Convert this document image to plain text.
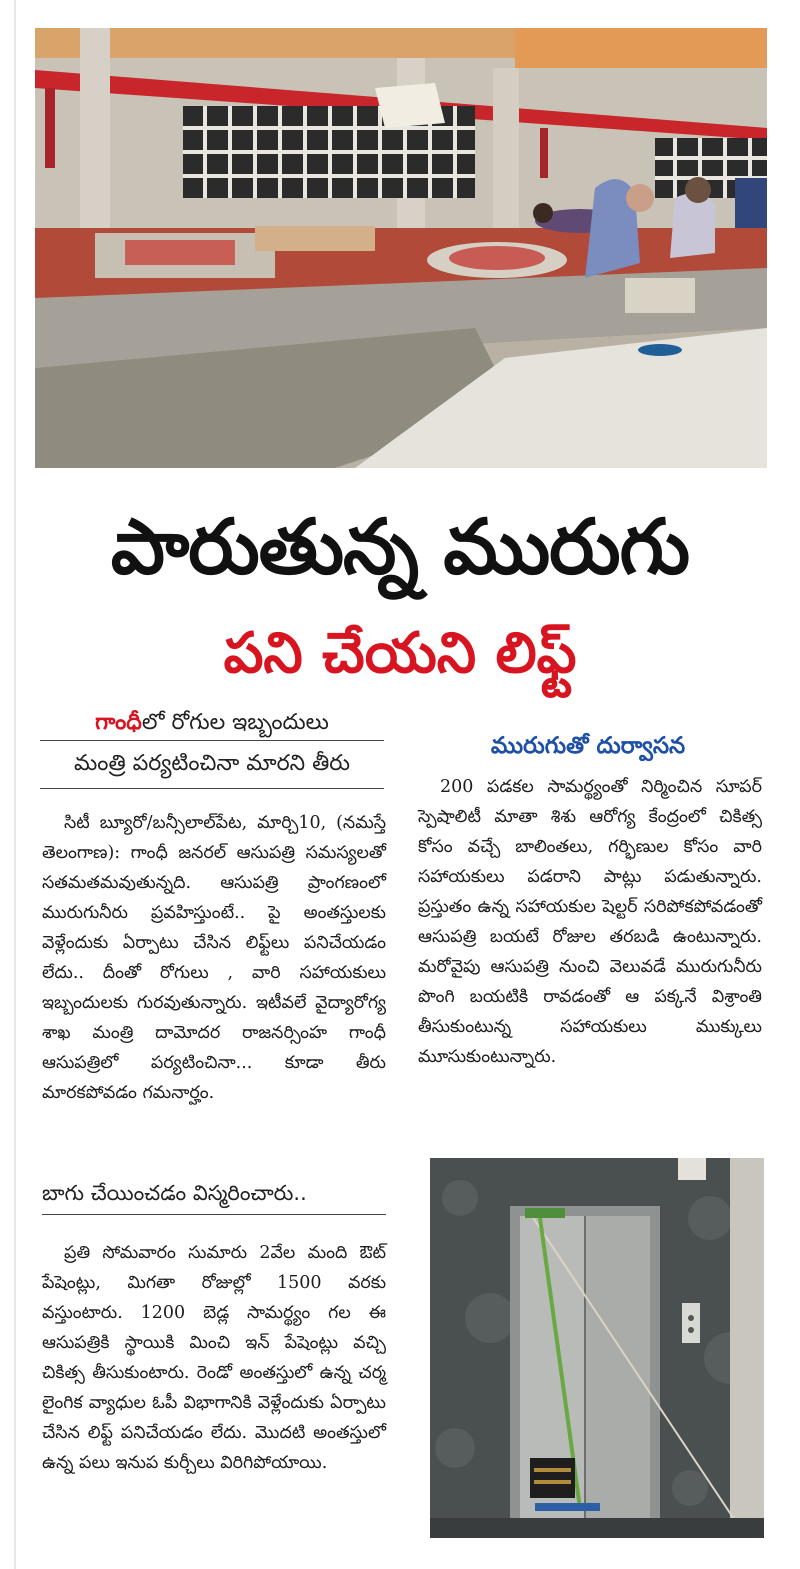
పారుతున్న మురుగు
పని చేయని లిఫ్ట్
గాంధీలో రోగుల ఇబ్బందులు
మంత్రి పర్యటించినా మారని తీరు

సిటీ బ్యూరో/బన్సీలాల్‌పేట, మార్చి10, (నమస్తే తెలంగాణ): గాంధీ జనరల్ ఆసుపత్రి సమస్యలతో సతమతమవుతున్నది. ఆసుపత్రి ప్రాంగణంలో మురుగునీరు ప్రవహిస్తుంటే.. పై అంతస్తులకు వెళ్లేందుకు ఏర్పాటు చేసిన లిఫ్ట్‌లు పనిచేయడం లేదు.. దీంతో రోగులు , వారి సహాయకులు ఇబ్బందులకు గురవుతున్నారు. ఇటీవలే వైద్యారోగ్య శాఖ మంత్రి దామోదర రాజనర్సింహ గాంధీ ఆసుపత్రిలో పర్యటించినా... కూడా తీరు మారకపోవడం గమనార్హం.

బాగు చేయించడం విస్మరించారు..

ప్రతి సోమవారం సుమారు 2వేల మంది ఔట్ పేషెంట్లు, మిగతా రోజుల్లో 1500 వరకు వస్తుంటారు. 1200 బెడ్ల సామర్థ్యం గల ఈ ఆసుపత్రికి స్థాయికి మించి ఇన్ పేషెంట్లు వచ్చి చికిత్స తీసుకుంటారు. రెండో అంతస్తులో ఉన్న చర్మ లైంగిక వ్యాధుల ఓపీ విభాగానికి వెళ్లేందుకు ఏర్పాటు చేసిన లిఫ్ట్ పనిచేయడం లేదు. మొదటి అంతస్తులో ఉన్న పలు ఇనుప కుర్చీలు విరిగిపోయాయి.

మురుగుతో దుర్వాసన

200 పడకల సామర్థ్యంతో నిర్మించిన సూపర్ స్పెషాలిటీ మాతా శిశు ఆరోగ్య కేంద్రంలో చికిత్స కోసం వచ్చే బాలింతలు, గర్భిణుల కోసం వారి సహాయకులు పడరాని పాట్లు పడుతున్నారు. ప్రస్తుతం ఉన్న సహాయకుల షెల్టర్ సరిపోకపోవడంతో ఆసుపత్రి బయటే రోజుల తరబడి ఉంటున్నారు. మరోవైపు ఆసుపత్రి నుంచి వెలువడే మురుగునీరు పొంగి బయటికి రావడంతో ఆ పక్కనే విశ్రాంతి తీసుకుంటున్న సహాయకులు ముక్కులు మూసుకుంటున్నారు.
